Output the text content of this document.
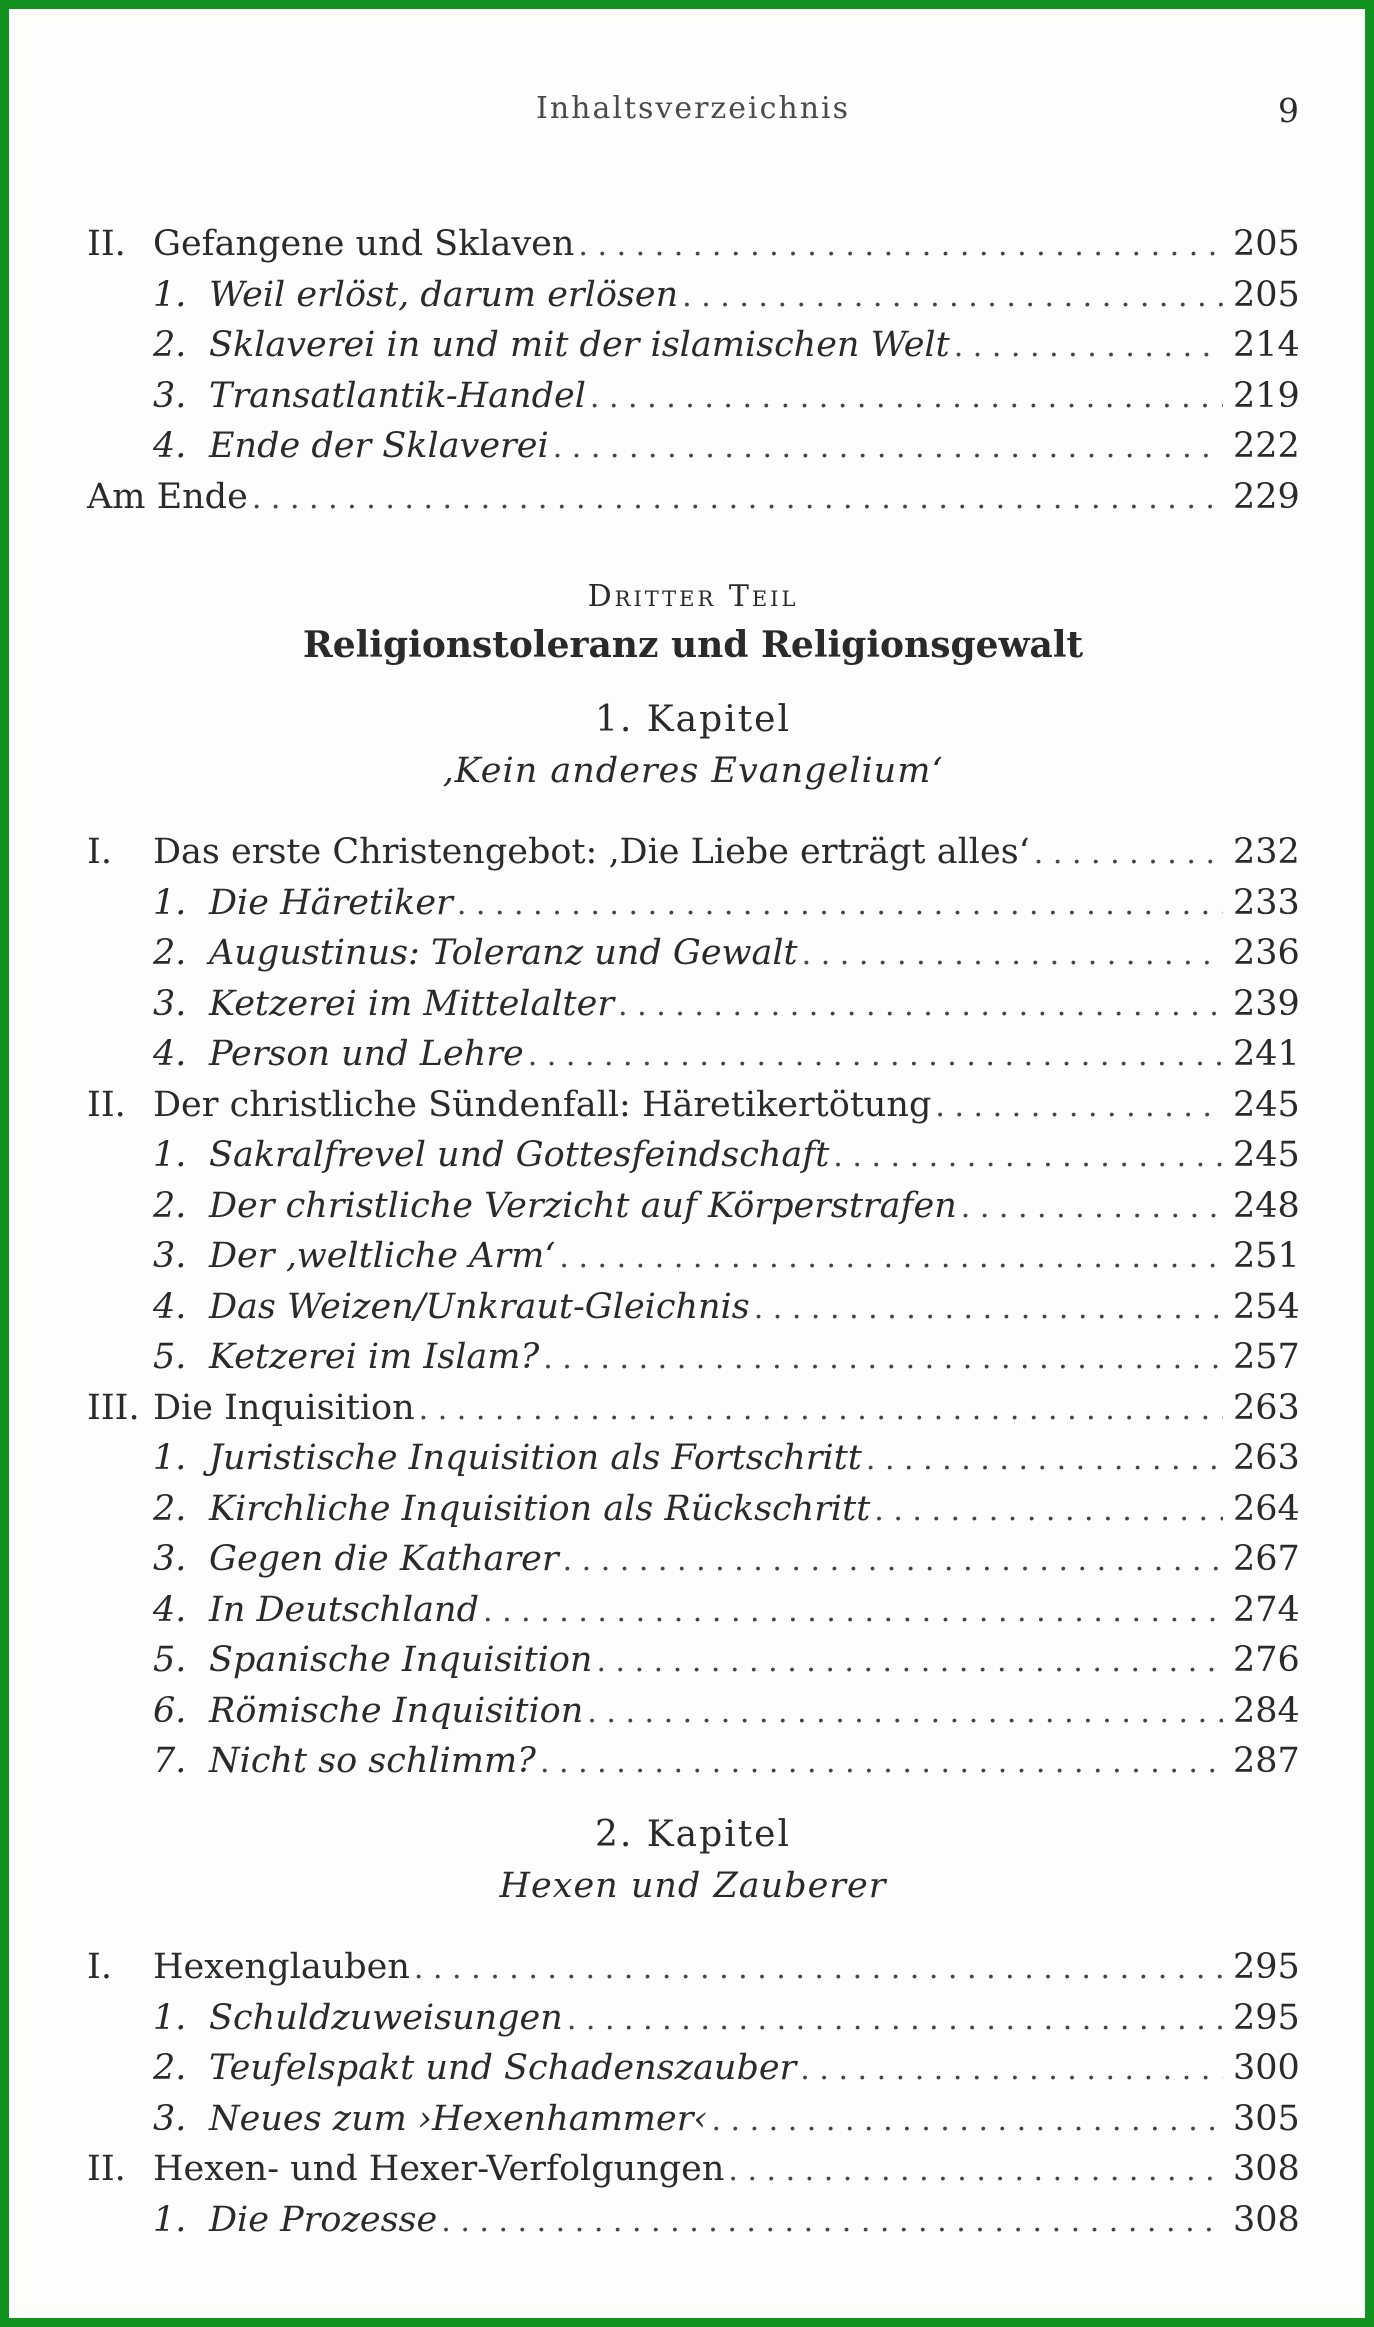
Inhaltsverzeichnis	9
II. Gefangene und Sklaven . . .	205
1. Weil erlöst, darum erlösen . . .	205
2. Sklaverei in und mit der islamischen Welt . . .	214
3. Transatlantik-Handel . . .	219
4. Ende der Sklaverei . . .	222
Am Ende . . .	229
Dritter Teil
Religionstoleranz und Religionsgewalt
1. Kapitel
‚Kein anderes Evangelium‘
I.	Das erste Christengebot: ‚Die Liebe erträgt alles‘ . . .	232
1. Die Häretiker . . .	233
2. Augustinus: Toleranz und Gewalt . . .	236
3. Ketzerei im Mittelalter . . .	239
4. Person und Lehre . . .	241
II. Der christliche Sündenfall: Häretikertötung . . .	245
1. Sakralfrevel und Gottesfeindschaft . . .	245
2. Der christliche Verzicht auf Körperstrafen . . .	248
3. Der ‚weltliche Arm‘ . . .	251
4. Das Weizen/Unkraut-Gleichnis . . .	254
5. Ketzerei im Islam? . . .	257
III. Die Inquisition . . .	263
1. Juristische Inquisition als Fortschritt . . .	263
2. Kirchliche Inquisition als Rückschritt . . .	264
3. Gegen die Katharer . . .	267
4. In Deutschland . . .	274
5. Spanische Inquisition . . .	276
6. Römische Inquisition . . .	284
7. Nicht so schlimm? . . .	287
2. Kapitel
Hexen und Zauberer
I.	Hexenglauben . . .	295
1. Schuldzuweisungen . . .	295
2. Teufelspakt und Schadenszauber . . .	300
3. Neues zum ›Hexenhammer‹ . . .	305
II. Hexen- und Hexer-Verfolgungen . . .	308
1. Die Prozesse . . .	308
